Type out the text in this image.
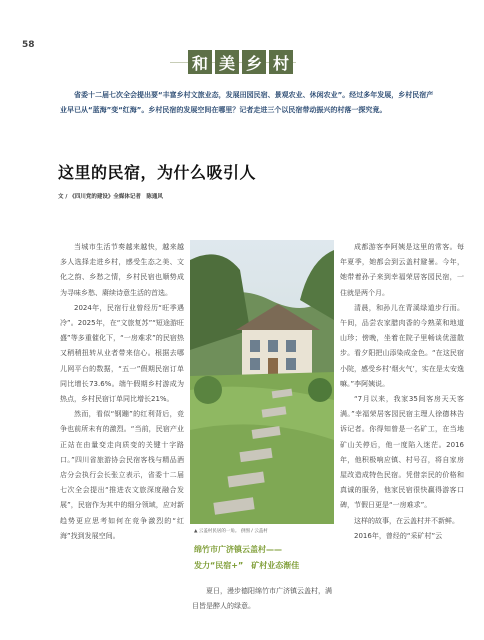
58
和 美 乡 村
省委十二届七次全会提出要“丰富乡村文旅业态，发展田园民宿、景观农业、休闲农业”。经过多年发展，乡村民宿产业早已从“蓝海”变“红海”。乡村民宿的发展空间在哪里？记者走进三个以民宿带动振兴的村落一探究竟。
这里的民宿，为什么吸引人
文 / 《四川党的建设》全媒体记者　陈通风

当城市生活节奏越来越快，越来越多人选择走进乡村，感受生态之美、文化之韵、乡愁之情，乡村民宿也顺势成为寻味乡愁、赓续诗意生活的首选。

2024年，民宿行业曾经历“旺季遇冷”。2025年，在“文旅复苏”“短途游旺盛”等多重催化下，“一房难求”的民宿热又稍稍扭转从业者带来信心。根据去哪儿网平台的数据，“五一”假期民宿订单同比增长73.6%。端午假期乡村游成为热点，乡村民宿订单同比增长21%。

然而，看似“钢蹦”的红利背后，竞争也前所未有的激烈。“当前，民宿产业正站在由量变走向质变的关键十字路口。”四川省旅游协会民宿客栈与精品酒店分会执行会长张立表示，省委十二届七次全会提出“推进农文旅深度融合发展”，民宿作为其中的细分领域，应对新趋势更应思考如何在竞争激烈的“红海”找到发展空间。

▲ 云盖村民居的一角。 供图 / 云盖村
绵竹市广济镇云盖村——
发力“民宿+”　矿村业态渐佳

夏日，漫步德阳绵竹市广济镇云盖村，满目皆是醉人的绿意。

成都游客李阿姨是这里的常客。每年夏季，她都会到云盖村避暑。今年，她带着孙子来到幸福荣居客园民宿，一住就是两个月。

清晨，和孙儿在青溪绿道步行而。午间，品尝农家腊肉香的今熟菜和地道山珍；傍晚，坐着在院子里畅谈优滋散步。看夕阳把山添染成金色。“在这民宿小院，感受乡村‘烟火气’，实在是太安逸嘛。”李阿姨说。

“7月以来，我家35间客房天天客满。”幸福荣居客园民宿主理人徐德林告诉记者。你得知曾是一名矿工，在当地矿山关停后，他一度陷入迷茫。2016年，他积极响应镇、村号召，将自家房屋改造成特色民宿。凭借亲民的价格和真诚的服务，他家民宿很快赢得游客口碑，节假日更是“一房难求”。

这样的故事，在云盖村并不新鲜。

2016年，曾经的“采矿村”云
